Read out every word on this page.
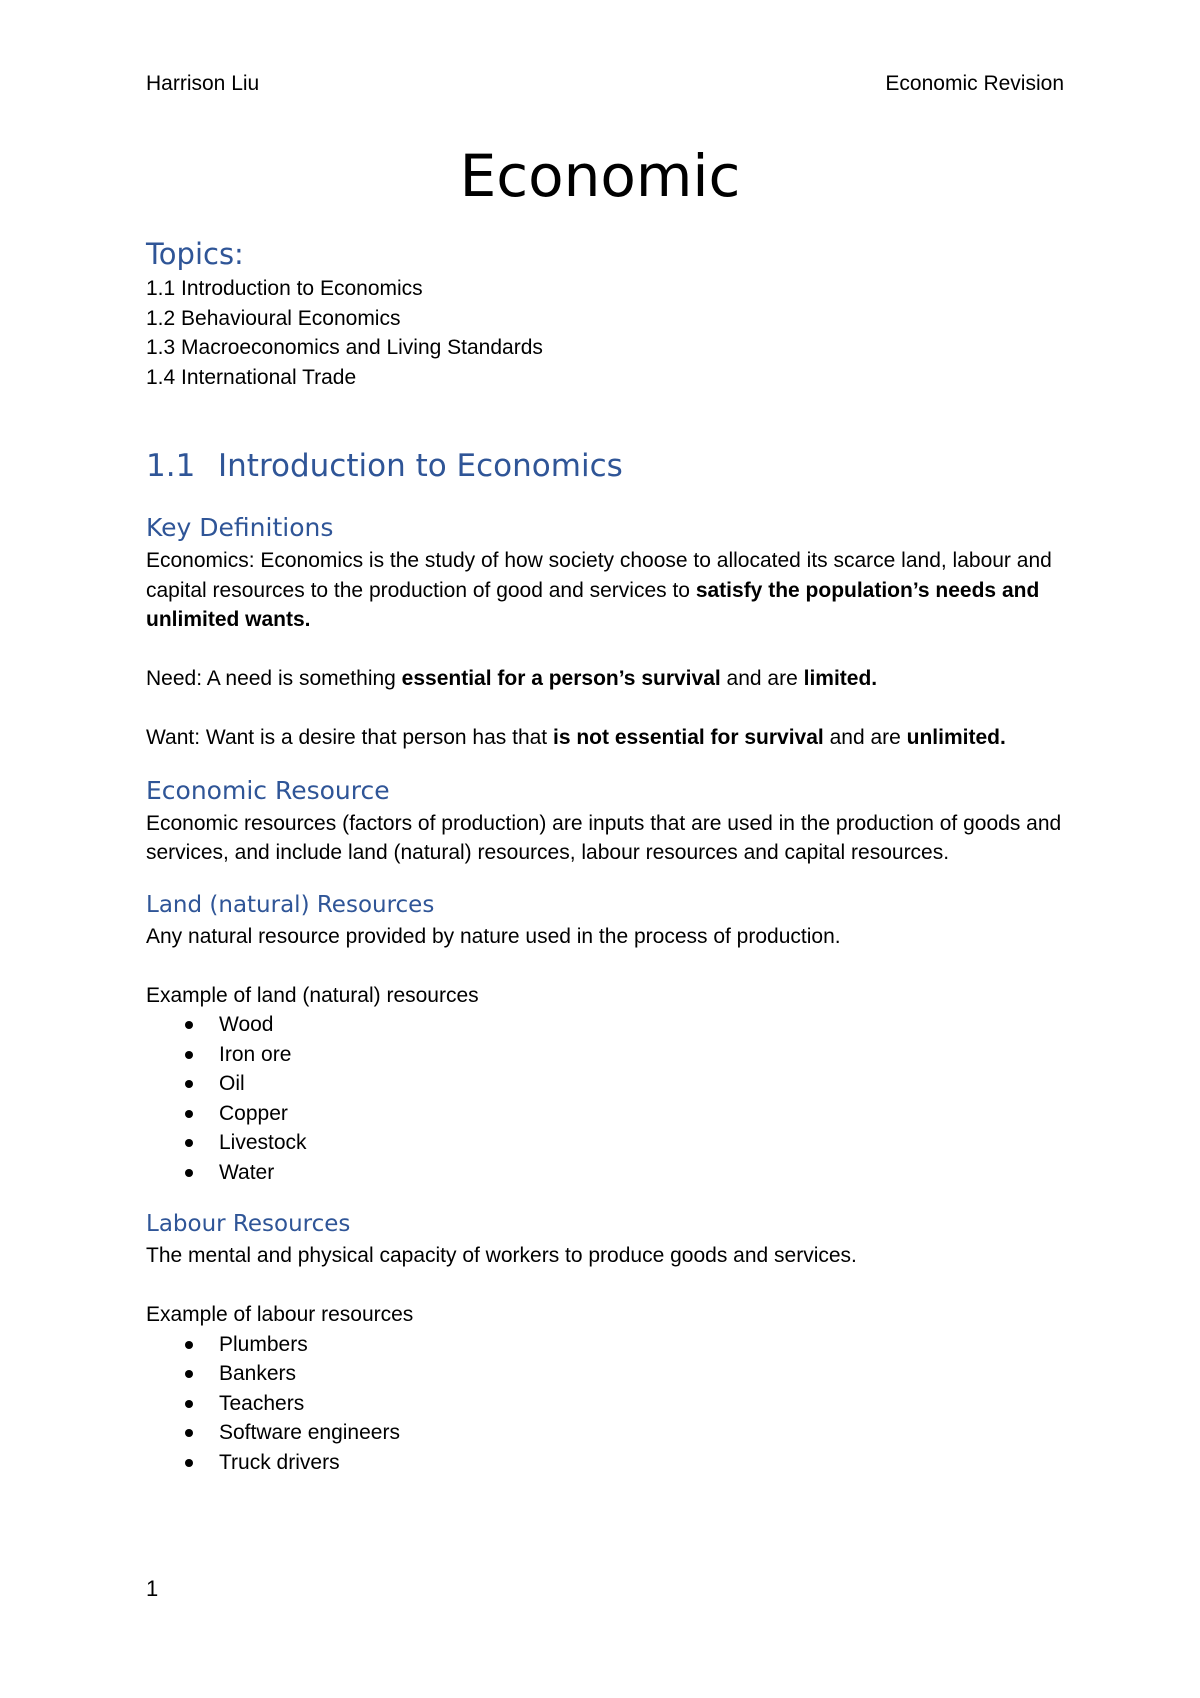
Harrison Liu	Economic Revision
Economic
Topics:
1.1 Introduction to Economics
1.2 Behavioural Economics
1.3 Macroeconomics and Living Standards
1.4 International Trade
1.1 Introduction to Economics
Key Definitions

Economics: Economics is the study of how society choose to allocated its scarce land, labour and capital resources to the production of good and services to satisfy the population’s needs and unlimited wants.

Need: A need is something essential for a person’s survival and are limited.

Want: Want is a desire that person has that is not essential for survival and are unlimited.

Economic Resource

Economic resources (factors of production) are inputs that are used in the production of goods and services, and include land (natural) resources, labour resources and capital resources.

Land (natural) Resources

Any natural resource provided by nature used in the process of production.

Example of land (natural) resources

Wood
Iron ore
Oil
Copper
Livestock
Water
Labour Resources

The mental and physical capacity of workers to produce goods and services.

Example of labour resources

Plumbers
Bankers
Teachers
Software engineers
Truck drivers
1
